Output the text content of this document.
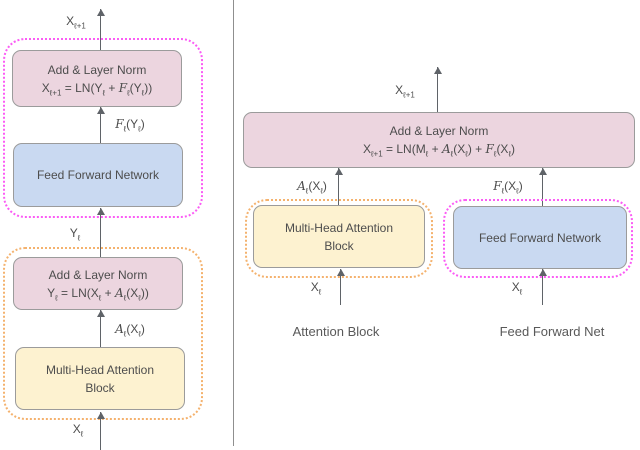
$X_{\ell+1}$
Add & Layer Norm
$X_{\ell+1} = LN(Y_\ell + F_\ell(Y_\ell))$
$F_\ell(Y_\ell)$
Feed Forward Network
$Y_\ell$
Add & Layer Norm
$Y_\ell = LN(X_\ell + A_\ell(X_\ell))$
$A_\ell(X_\ell)$
Multi-Head Attention
Block
$X_\ell$
$X_{\ell+1}$
Add & Layer Norm
$X_{\ell+1} = LN(M_\ell + A_\ell(X_\ell) + F_\ell(X_\ell)$
$A_\ell(X_\ell)$	$F_\ell(X_\ell)$
Multi-Head Attention
Block
Feed Forward Network
$X_\ell$	$X_\ell$
Attention Block	Feed Forward Net
